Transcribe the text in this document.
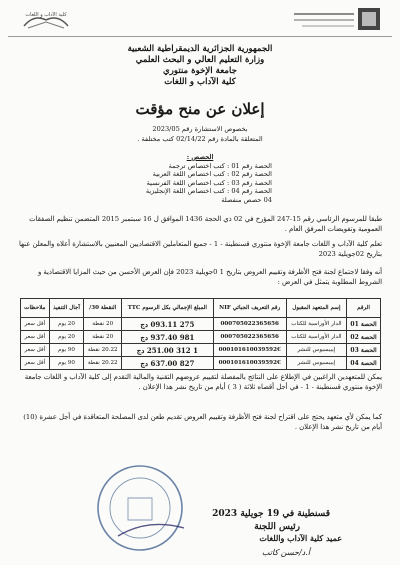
كلية الآداب و اللغات
الجمهورية الجزائرية الديمقراطية الشعبية
وزارة التعليم العالي و البحث العلمي
جامعة الإخوة منتوري
كلية الآداب و اللغات
إعلان عن منح مؤقت
بخصوص الاستشارة رقم 2023/05
المتعلقة بالمادة رقم 02/14/22 كتب مختلفة .
الحصص :
الحصة رقم 01 : كتب اختصاص ترجمة
الحصة رقم 02 : كتب اختصاص اللغة العربية
الحصة رقم 03 : كتب اختصاص اللغة الفرنسية
الحصة رقم 04 : كتب اختصاص اللغة الإنجليزية
04 حصص منفصلة
طبقا للمرسوم الرئاسي رقم 15-247 المؤرخ في 02 ذي الحجة 1436 الموافق ل 16 سبتمبر 2015 المتضمن تنظيم الصفقات العمومية وتفويضات المرفق العام .
تعلم كلية الآداب و اللغات جامعة الإخوة منتوري قسنطينة - 1 - جميع المتعاملين الاقتصاديين المعنيين بالاستشارة أعلاه والمعلن عنها بتاريخ 02جويلية 2023
أنه وفقا لاجتماع لجنة فتح الأظرفة وتقييم العروض بتاريخ 1 0جويلية 2023 فإن العرض الأحسن من حيث المزايا الاقتصادية و الشروط المطلوبة يتمثل في العرض :
الرقم	إسم المتعهد المقبول	رقم التعريف الجبائي NIF	المبلغ الإجمالي بكل الرسوم TTC	النقطة 30/	آجال التنفيذ	ملاحظات
الحصة 01	الدار الأوراسية للكتاب	000705022365656	275 093.11 دج	20 نقطة	20 يوم	أقل سعر
الحصة 02	الدار الأوراسية للكتاب	000705022365656	981 937.40 دج	20 نقطة	20 يوم	أقل سعر
الحصة 03	إيبيسيوس للنشر	000101610039592€	1 312 251.00 دج	20.22 نقطة	90 يوم	أقل سعر
الحصة 04	إيبيسيوس للنشر	000101610039592€	827 637.00 دج	20.22 نقطة	90 يوم	أقل سعر
يمكن للمتعهدين الراغبين في الإطلاع على النتائج بالمفصلة لتقييم عروضهم التقنية والمالية التقدم إلى كلية الآداب و اللغات جامعة الإخوة منتوري قسنطينة - 1 - في أجل أقصاه ثلاثة ( 3 ) أيام من تاريخ نشر هذا الإعلان .
كما يمكن لأي متعهد يحتج على اقتراح لجنة فتح الأظرفة وتقييم العروض تقديم طعن لدى المصلحة المتعاقدة في أجل عشرة (10) أيام من تاريخ نشر هذا الإعلان .
قسنطينة في 19 جويلية 2023
رئيس اللجنة
عميد كلية الآداب واللغات
أ.د/حسن كاتب
